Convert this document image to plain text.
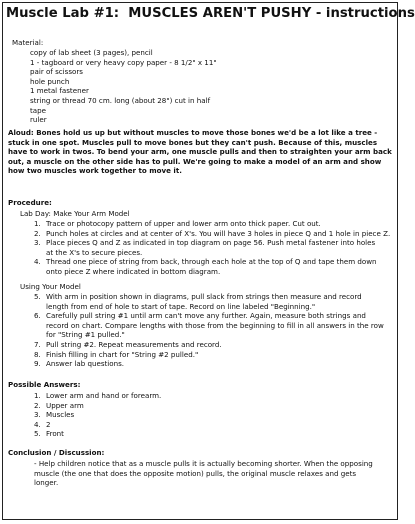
Muscle Lab #1: MUSCLES AREN'T PUSHY - instructions
Material:
copy of lab sheet (3 pages), pencil
1 - tagboard or very heavy copy paper - 8 1/2" x 11"
pair of scissors
hole punch
1 metal fastener
string or thread 70 cm. long (about 28") cut in half
tape
ruler
Aloud: Bones hold us up but without muscles to move those bones we'd be a lot like a tree -
stuck in one spot. Muscles pull to move bones but they can't push. Because of this, muscles
have to work in twos. To bend your arm, one muscle pulls and then to straighten your arm back
out, a muscle on the other side has to pull. We're going to make a model of an arm and show
how two muscles work together to move it.
Procedure:
Lab Day: Make Your Arm Model
1. Trace or photocopy pattern of upper and lower arm onto thick paper. Cut out.
2. Punch holes at circles and at center of X's. You will have 3 holes in piece Q and 1 hole in piece Z.
3. Place pieces Q and Z as indicated in top diagram on page 56. Push metal fastener into holes
at the X's to secure pieces.
4. Thread one piece of string from back, through each hole at the top of Q and tape them down
onto piece Z where indicated in bottom diagram.
Using Your Model
5. With arm in position shown in diagrams, pull slack from strings then measure and record
length from end of hole to start of tape. Record on line labeled "Beginning."
6. Carefully pull string #1 until arm can't move any further. Again, measure both strings and
record on chart. Compare lengths with those from the beginning to fill in all answers in the row
for "String #1 pulled."
7. Pull string #2. Repeat measurements and record.
8. Finish filling in chart for "String #2 pulled."
9. Answer lab questions.
Possible Answers:
1. Lower arm and hand or forearm.
2. Upper arm
3. Muscles
4. 2
5. Front
Conclusion / Discussion:
- Help children notice that as a muscle pulls it is actually becoming shorter. When the opposing
muscle (the one that does the opposite motion) pulls, the original muscle relaxes and gets
longer.
